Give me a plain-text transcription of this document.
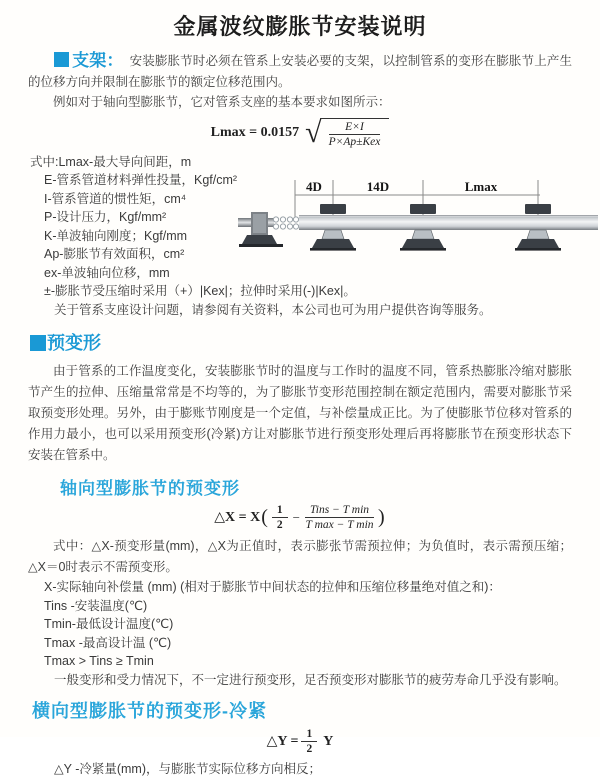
金属波纹膨胀节安装说明

支架： 安装膨胀节时必须在管系上安装必要的支架，以控制管系的变形在膨胀节上产生的位移方向并限制在膨胀节的额定位移范围内。

例如对于轴向型膨胀节，它对管系支座的基本要求如图所示：

Lmax = 0.0157 √ $\frac{E\times I}{\text{P×Ap±Kex}}$
式中:Lmax-最大导向间距，m
E-管系管道材料弹性投量，Kgf/cm²
I-管系管道的惯性矩，cm⁴
P-设计压力，Kgf/mm²
K-单波轴向刚度；Kgf/mm
Ap-膨胀节有效面积，cm²
ex-单波轴向位移，mm
±-膨胀节受压缩时采用（+）|Kex|；拉伸时采用(-)|Kex|。
关于管系支座设计问题，请参阅有关资料，本公司也可为用户提供咨询等服务。
4D	14D	Lmax
预变形

由于管系的工作温度变化，安装膨胀节时的温度与工作时的温度不同，管系热膨胀冷缩对膨胀节产生的拉伸、压缩量常常是不均等的，为了膨胀节变形范围控制在额定范围内，需要对膨胀节采取预变形处理。另外，由于膨账节刚度是一个定值，与补偿量成正比。为了使膨胀节位移对管系的作用力最小，也可以采用预变形(冷紧)方让对膨胀节进行预变形处理后再将膨胀节在预变形状态下安装在管系中。

轴向型膨胀节的预变形
△X = X ( $\frac{1}{2} - \frac{\text{Tins − T min}}{\text{T max − T min}}$ )

式中：△X-预变形量(mm)，△X为正值时，表示膨张节需预拉伸；为负值时，表示需预压缩；△X＝0时表示不需预变形。

X-实际轴向补偿量 (mm) (相对于膨胀节中间状态的拉伸和压缩位移量绝对值之和)：
Tins -安装温度(℃)
Tmin-最低设计温度(℃)
Tmax -最高设计温 (℃)
Tmax > Tins ≥ Tmin
一般变形和受力情况下，不一定进行预变形，足否预变形对膨胀节的疲劳寿命几乎没有影响。
横向型膨胀节的预变形-冷紧
△Y = $\frac{1}{2}$ Y
△Y -冷紧量(mm)，与膨胀节实际位移方向相反；
